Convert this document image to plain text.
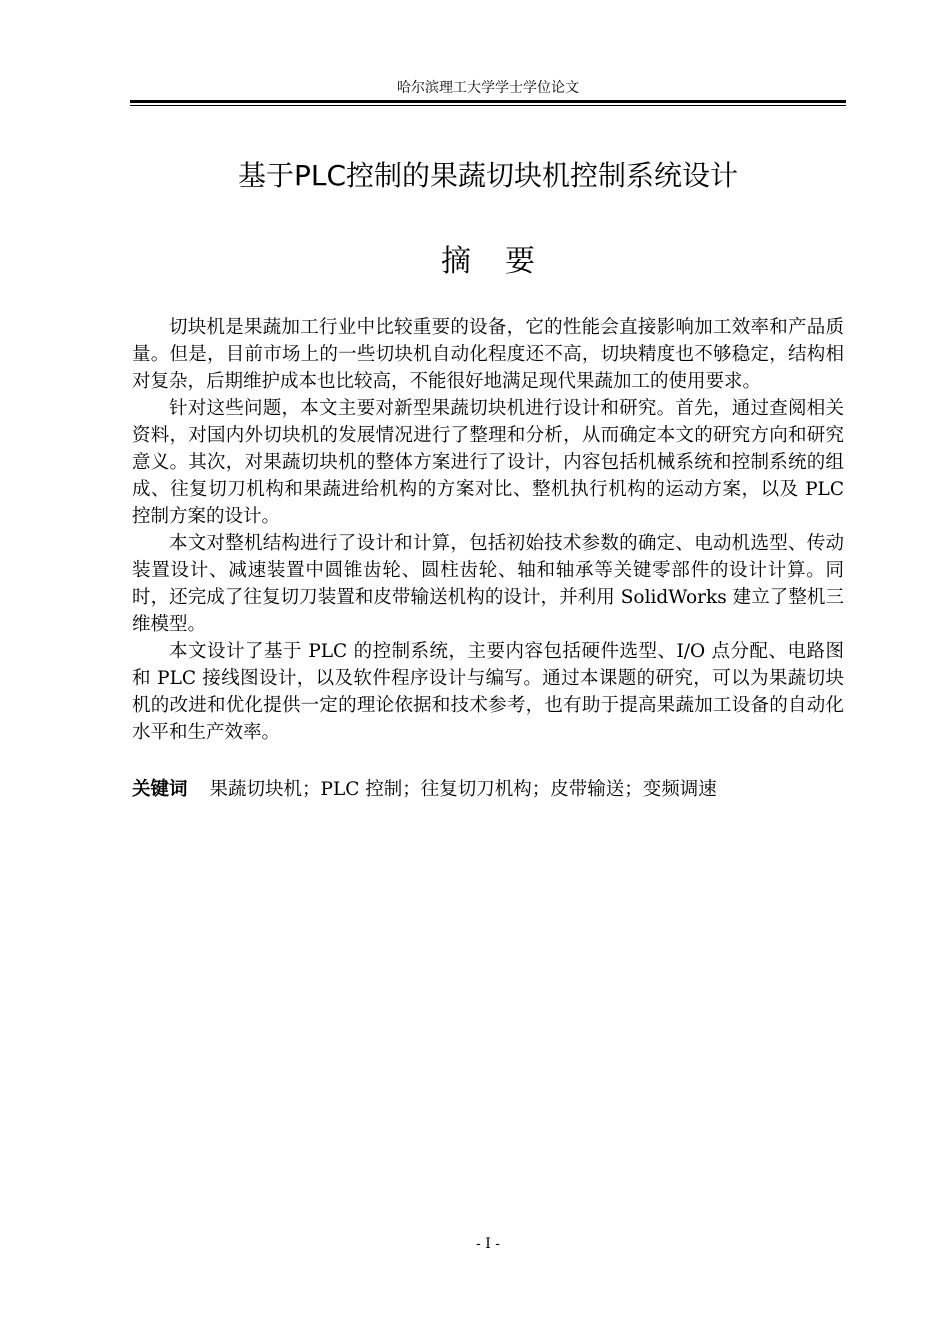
哈尔滨理工大学学士学位论文
基于PLC控制的果蔬切块机控制系统设计
摘要

切块机是果蔬加工行业中比较重要的设备，它的性能会直接影响加工效率和产品质量。但是，目前市场上的一些切块机自动化程度还不高，切块精度也不够稳定，结构相对复杂，后期维护成本也比较高，不能很好地满足现代果蔬加工的使用要求。

针对这些问题，本文主要对新型果蔬切块机进行设计和研究。首先，通过查阅相关资料，对国内外切块机的发展情况进行了整理和分析，从而确定本文的研究方向和研究意义。其次，对果蔬切块机的整体方案进行了设计，内容包括机械系统和控制系统的组成、往复切刀机构和果蔬进给机构的方案对比、整机执行机构的运动方案，以及 PLC 控制方案的设计。

本文对整机结构进行了设计和计算，包括初始技术参数的确定、电动机选型、传动装置设计、减速装置中圆锥齿轮、圆柱齿轮、轴和轴承等关键零部件的设计计算。同时，还完成了往复切刀装置和皮带输送机构的设计，并利用 SolidWorks 建立了整机三维模型。

本文设计了基于 PLC 的控制系统，主要内容包括硬件选型、I/O 点分配、电路图和 PLC 接线图设计，以及软件程序设计与编写。通过本课题的研究，可以为果蔬切块机的改进和优化提供一定的理论依据和技术参考，也有助于提高果蔬加工设备的自动化水平和生产效率。

关键词 果蔬切块机；PLC 控制；往复切刀机构；皮带输送；变频调速
- I -
